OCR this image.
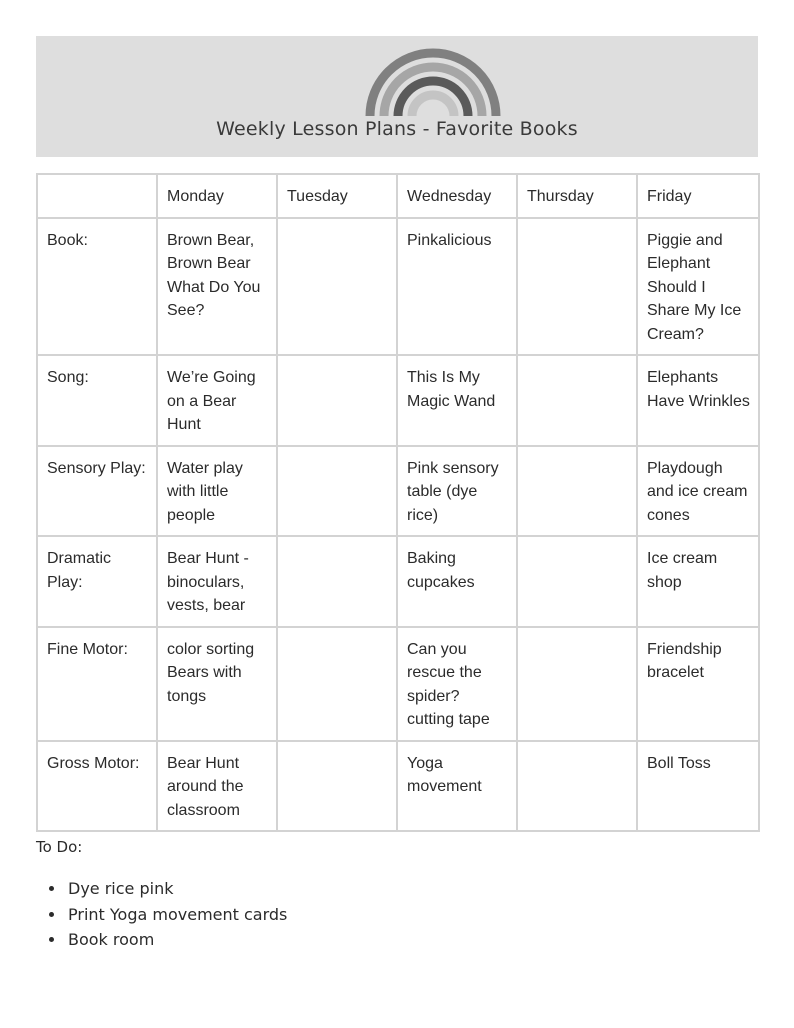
Weekly Lesson Plans - Favorite Books
	Monday	Tuesday	Wednesday	Thursday	Friday
Book:	Brown Bear, Brown Bear What Do You See?		Pinkalicious		Piggie and Elephant Should I Share My Ice Cream?
Song:	We’re Going on a Bear Hunt		This Is My Magic Wand		Elephants Have Wrinkles
Sensory Play:	Water play with little people		Pink sensory table (dye rice)		Playdough and ice cream cones
Dramatic Play:	Bear Hunt - binoculars, vests, bear		Baking cupcakes		Ice cream shop
Fine Motor:	color sorting Bears with tongs		Can you rescue the spider? cutting tape		Friendship bracelet
Gross Motor:	Bear Hunt around the classroom		Yoga movement		Boll Toss
To Do:
• Dye rice pink
• Print Yoga movement cards
• Book room
